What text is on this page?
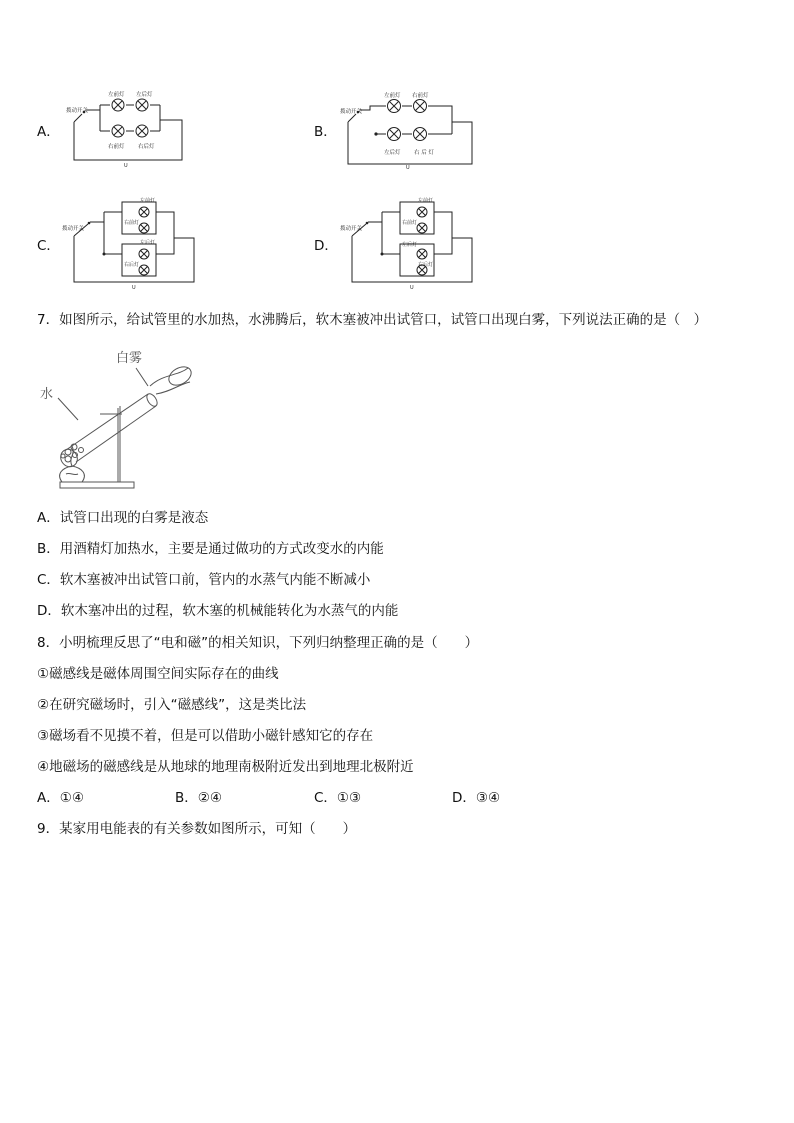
A．
拨动开关
左前灯 左后灯
右前灯 右后灯
U
B．
拨动开关
左前灯 右前灯
左后灯 右 后 灯
U
C．
拨动开关
左前灯
右前灯
左后灯
右后灯
U
D．
拨动开关
左前灯
右前灯
左后灯
右后灯
U
7．如图所示，给试管里的水加热，水沸腾后，软木塞被冲出试管口，试管口出现白雾，下列说法正确的是（　）
白雾
水
A．试管口出现的白雾是液态
B．用酒精灯加热水，主要是通过做功的方式改变水的内能
C．软木塞被冲出试管口前，管内的水蒸气内能不断减小
D．软木塞冲出的过程，软木塞的机械能转化为水蒸气的内能
8．小明梳理反思了“电和磁”的相关知识，下列归纳整理正确的是（　　）
①磁感线是磁体周围空间实际存在的曲线
②在研究磁场时，引入“磁感线”，这是类比法
③磁场看不见摸不着，但是可以借助小磁针感知它的存在
④地磁场的磁感线是从地球的地理南极附近发出到地理北极附近
A．①④	B．②④	C．①③	D．③④
9．某家用电能表的有关参数如图所示，可知（　　）
